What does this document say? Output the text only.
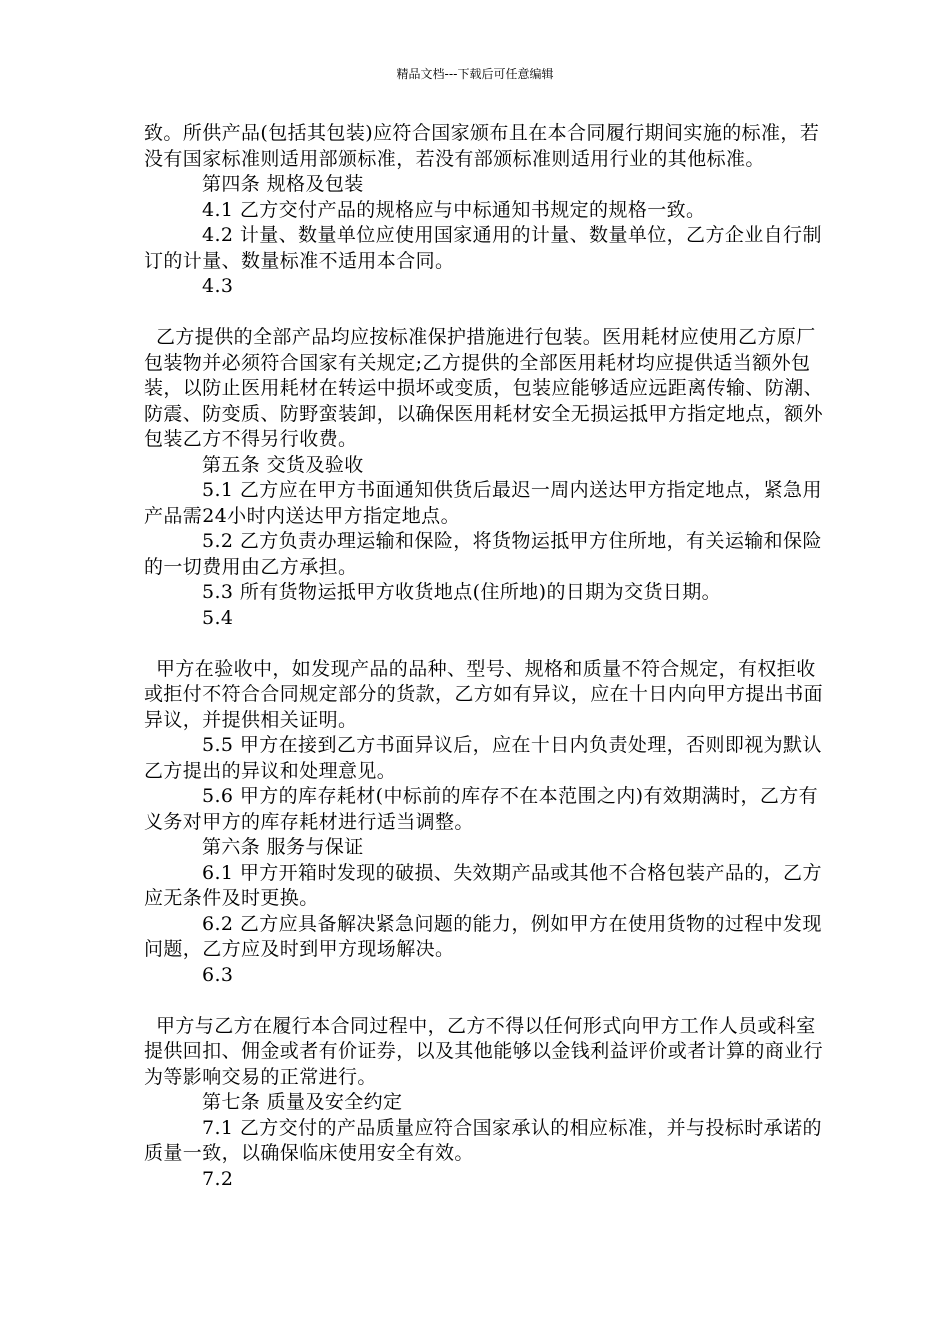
精品文档---下载后可任意编辑

致。所供产品(包括其包装)应符合国家颁布且在本合同履行期间实施的标准，若没有国家标准则适用部颁标准，若没有部颁标准则适用行业的其他标准。

第四条 规格及包装

4.1 乙方交付产品的规格应与中标通知书规定的规格一致。

4.2 计量、数量单位应使用国家通用的计量、数量单位，乙方企业自行制订的计量、数量标准不适用本合同。

4.3

乙方提供的全部产品均应按标准保护措施进行包装。医用耗材应使用乙方原厂包装物并必须符合国家有关规定;乙方提供的全部医用耗材均应提供适当额外包装，以防止医用耗材在转运中损坏或变质，包装应能够适应远距离传输、防潮、防震、防变质、防野蛮装卸，以确保医用耗材安全无损运抵甲方指定地点，额外包装乙方不得另行收费。

第五条 交货及验收

5.1 乙方应在甲方书面通知供货后最迟一周内送达甲方指定地点，紧急用产品需24小时内送达甲方指定地点。

5.2 乙方负责办理运输和保险，将货物运抵甲方住所地，有关运输和保险的一切费用由乙方承担。

5.3 所有货物运抵甲方收货地点(住所地)的日期为交货日期。

5.4

甲方在验收中，如发现产品的品种、型号、规格和质量不符合规定，有权拒收或拒付不符合合同规定部分的货款，乙方如有异议，应在十日内向甲方提出书面异议，并提供相关证明。

5.5 甲方在接到乙方书面异议后，应在十日内负责处理，否则即视为默认乙方提出的异议和处理意见。

5.6 甲方的库存耗材(中标前的库存不在本范围之内)有效期满时，乙方有义务对甲方的库存耗材进行适当调整。

第六条 服务与保证

6.1 甲方开箱时发现的破损、失效期产品或其他不合格包装产品的，乙方应无条件及时更换。

6.2 乙方应具备解决紧急问题的能力，例如甲方在使用货物的过程中发现问题，乙方应及时到甲方现场解决。

6.3

甲方与乙方在履行本合同过程中，乙方不得以任何形式向甲方工作人员或科室提供回扣、佣金或者有价证券，以及其他能够以金钱利益评价或者计算的商业行为等影响交易的正常进行。

第七条 质量及安全约定

7.1 乙方交付的产品质量应符合国家承认的相应标准，并与投标时承诺的质量一致，以确保临床使用安全有效。

7.2
